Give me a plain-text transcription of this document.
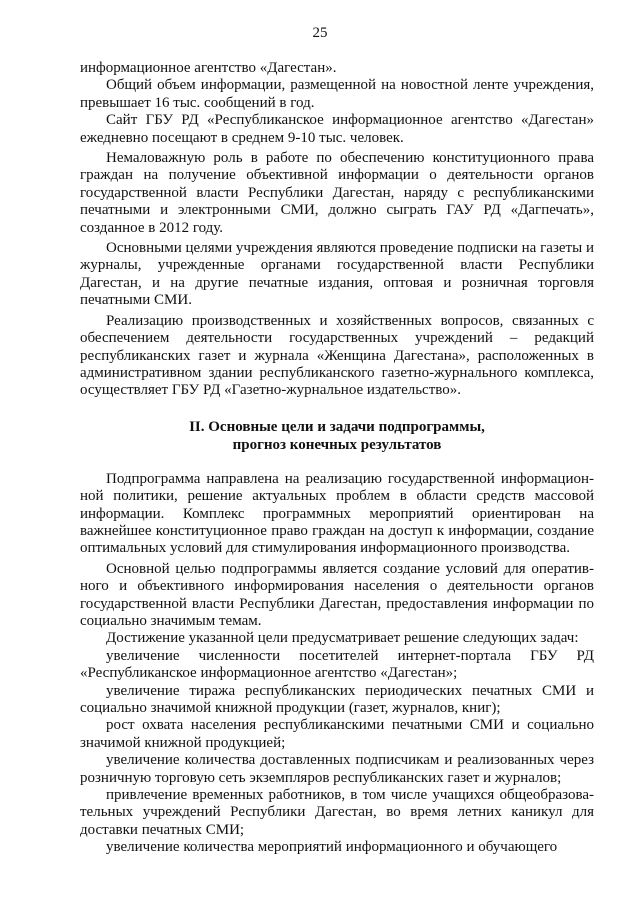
25

информационное агентство «Дагестан».

Общий объем информации, размещенной на новостной ленте учреждения, превышает 16 тыс. сообщений в год.

Сайт ГБУ РД «Республиканское информационное агентство «Дагестан» ежедневно посещают в среднем 9-10 тыс. человек.

Немаловажную роль в работе по обеспечению конституционного права граждан на получение объективной информации о деятельности органов государственной власти Республики Дагестан, наряду с республиканскими печатными и электронными СМИ, должно сыграть ГАУ РД «Дагпечать», созданное в 2012 году.

Основными целями учреждения являются проведение подписки на газеты и журналы, учрежденные органами государственной власти Республики Дагестан, и на другие печатные издания, оптовая и розничная торговля печатными СМИ.

Реализацию производственных и хозяйственных вопросов, связанных с обеспечением деятельности государственных учреждений – редакций республиканских газет и журнала «Женщина Дагестана», расположенных в административном здании республиканского газетно-журнального комплекса, осуществляет ГБУ РД «Газетно-журнальное издательство».

II. Основные цели и задачи подпрограммы,
прогноз конечных результатов

Подпрограмма направлена на реализацию государственной информационной политики, решение актуальных проблем в области средств массовой информации. Комплекс программных мероприятий ориентирован на важнейшее конституционное право граждан на доступ к информации, создание оптимальных условий для стимулирования информационного производства.

Основной целью подпрограммы является создание условий для оперативного и объективного информирования населения о деятельности органов государственной власти Республики Дагестан, предоставления информации по социально значимым темам.

Достижение указанной цели предусматривает решение следующих задач:

увеличение численности посетителей интернет-портала ГБУ РД «Республиканское информационное агентство «Дагестан»;

увеличение тиража республиканских периодических печатных СМИ и социально значимой книжной продукции (газет, журналов, книг);

рост охвата населения республиканскими печатными СМИ и социально значимой книжной продукцией;

увеличение количества доставленных подписчикам и реализованных через розничную торговую сеть экземпляров республиканских газет и журналов;

привлечение временных работников, в том числе учащихся общеобразовательных учреждений Республики Дагестан, во время летних каникул для доставки печатных СМИ;

увеличение количества мероприятий информационного и обучающего
